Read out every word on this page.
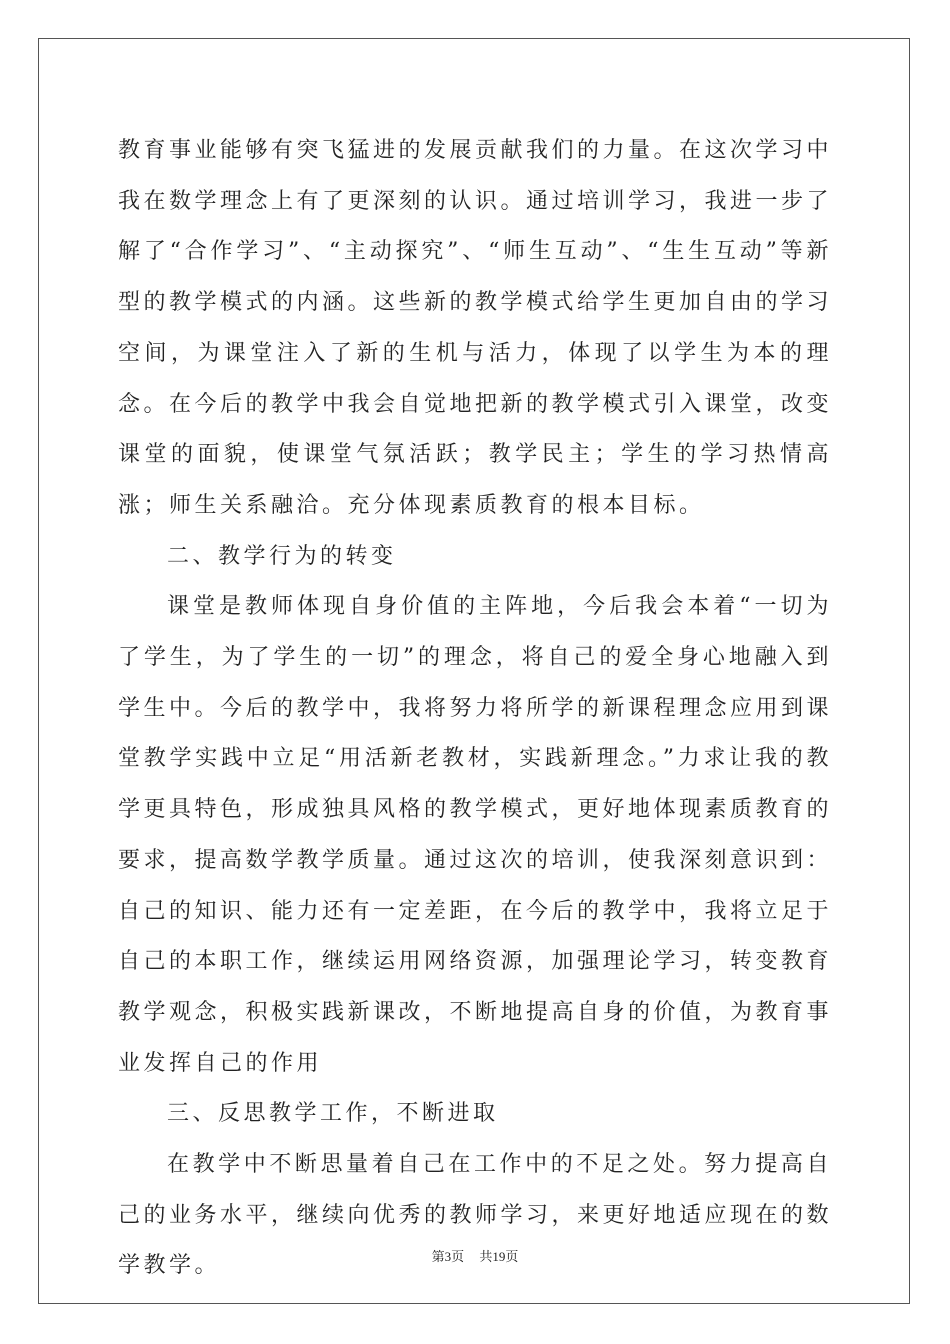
教育事业能够有突飞猛进的发展贡献我们的力量。在这次学习中我在数学理念上有了更深刻的认识。通过培训学习，我进一步了解了“合作学习”、“主动探究”、“师生互动”、“生生互动”等新型的教学模式的内涵。这些新的教学模式给学生更加自由的学习空间，为课堂注入了新的生机与活力，体现了以学生为本的理念。在今后的教学中我会自觉地把新的教学模式引入课堂，改变课堂的面貌，使课堂气氛活跃；教学民主；学生的学习热情高涨；师生关系融洽。充分体现素质教育的根本目标。

二、教学行为的转变

课堂是教师体现自身价值的主阵地，今后我会本着“一切为了学生，为了学生的一切”的理念，将自己的爱全身心地融入到学生中。今后的教学中，我将努力将所学的新课程理念应用到课堂教学实践中立足“用活新老教材，实践新理念。”力求让我的教学更具特色，形成独具风格的教学模式，更好地体现素质教育的要求，提高数学教学质量。通过这次的培训，使我深刻意识到：自己的知识、能力还有一定差距，在今后的教学中，我将立足于自己的本职工作，继续运用网络资源，加强理论学习，转变教育教学观念，积极实践新课改，不断地提高自身的价值，为教育事业发挥自己的作用

三、反思教学工作，不断进取

在教学中不断思量着自己在工作中的不足之处。努力提高自己的业务水平，继续向优秀的教师学习，来更好地适应现在的数学教学。	第3页 共19页
